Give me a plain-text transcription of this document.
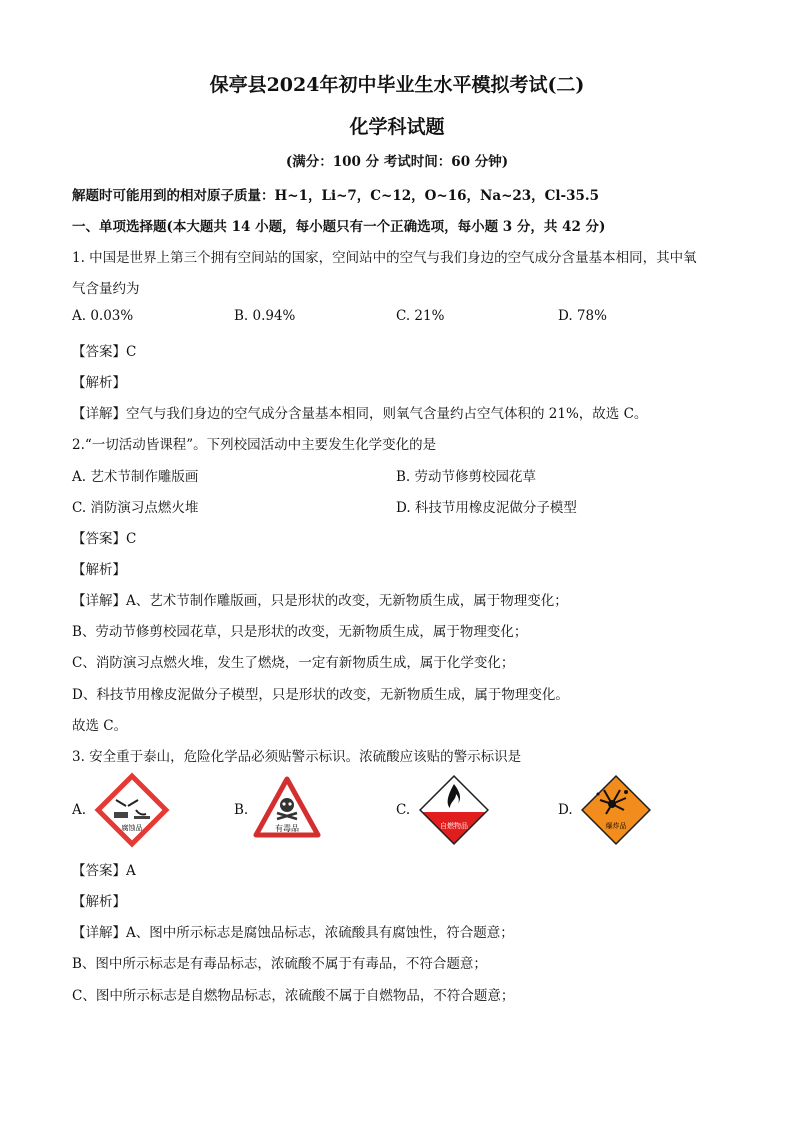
保亭县2024年初中毕业生水平模拟考试(二)
化学科试题
(满分：100 分 考试时间：60 分钟)
解题时可能用到的相对原子质量：H~1，Li~7，C~12，O~16，Na~23，Cl-35.5
一、单项选择题(本大题共 14 小题，每小题只有一个正确选项，每小题 3 分，共 42 分)
1. 中国是世界上第三个拥有空间站的国家，空间站中的空气与我们身边的空气成分含量基本相同，其中氧
气含量约为
A. 0.03%	B. 0.94%	C. 21%	D. 78%
【答案】C
【解析】
【详解】空气与我们身边的空气成分含量基本相同，则氧气含量约占空气体积的 21%，故选 C。
2.“一切活动皆课程”。下列校园活动中主要发生化学变化的是
A. 艺术节制作雕版画	B. 劳动节修剪校园花草
C. 消防演习点燃火堆	D. 科技节用橡皮泥做分子模型
【答案】C
【解析】
【详解】A、艺术节制作雕版画，只是形状的改变，无新物质生成，属于物理变化；
B、劳动节修剪校园花草，只是形状的改变，无新物质生成，属于物理变化；
C、消防演习点燃火堆，发生了燃烧，一定有新物质生成，属于化学变化；
D、科技节用橡皮泥做分子模型，只是形状的改变，无新物质生成，属于物理变化。
故选 C。
3. 安全重于泰山，危险化学品必须贴警示标识。浓硫酸应该贴的警示标识是
A.
腐蚀品
B.
有毒品
C.
自燃物品
D.
爆炸品
【答案】A
【解析】
【详解】A、图中所示标志是腐蚀品标志，浓硫酸具有腐蚀性，符合题意；
B、图中所示标志是有毒品标志，浓硫酸不属于有毒品，不符合题意；
C、图中所示标志是自燃物品标志，浓硫酸不属于自燃物品，不符合题意；
